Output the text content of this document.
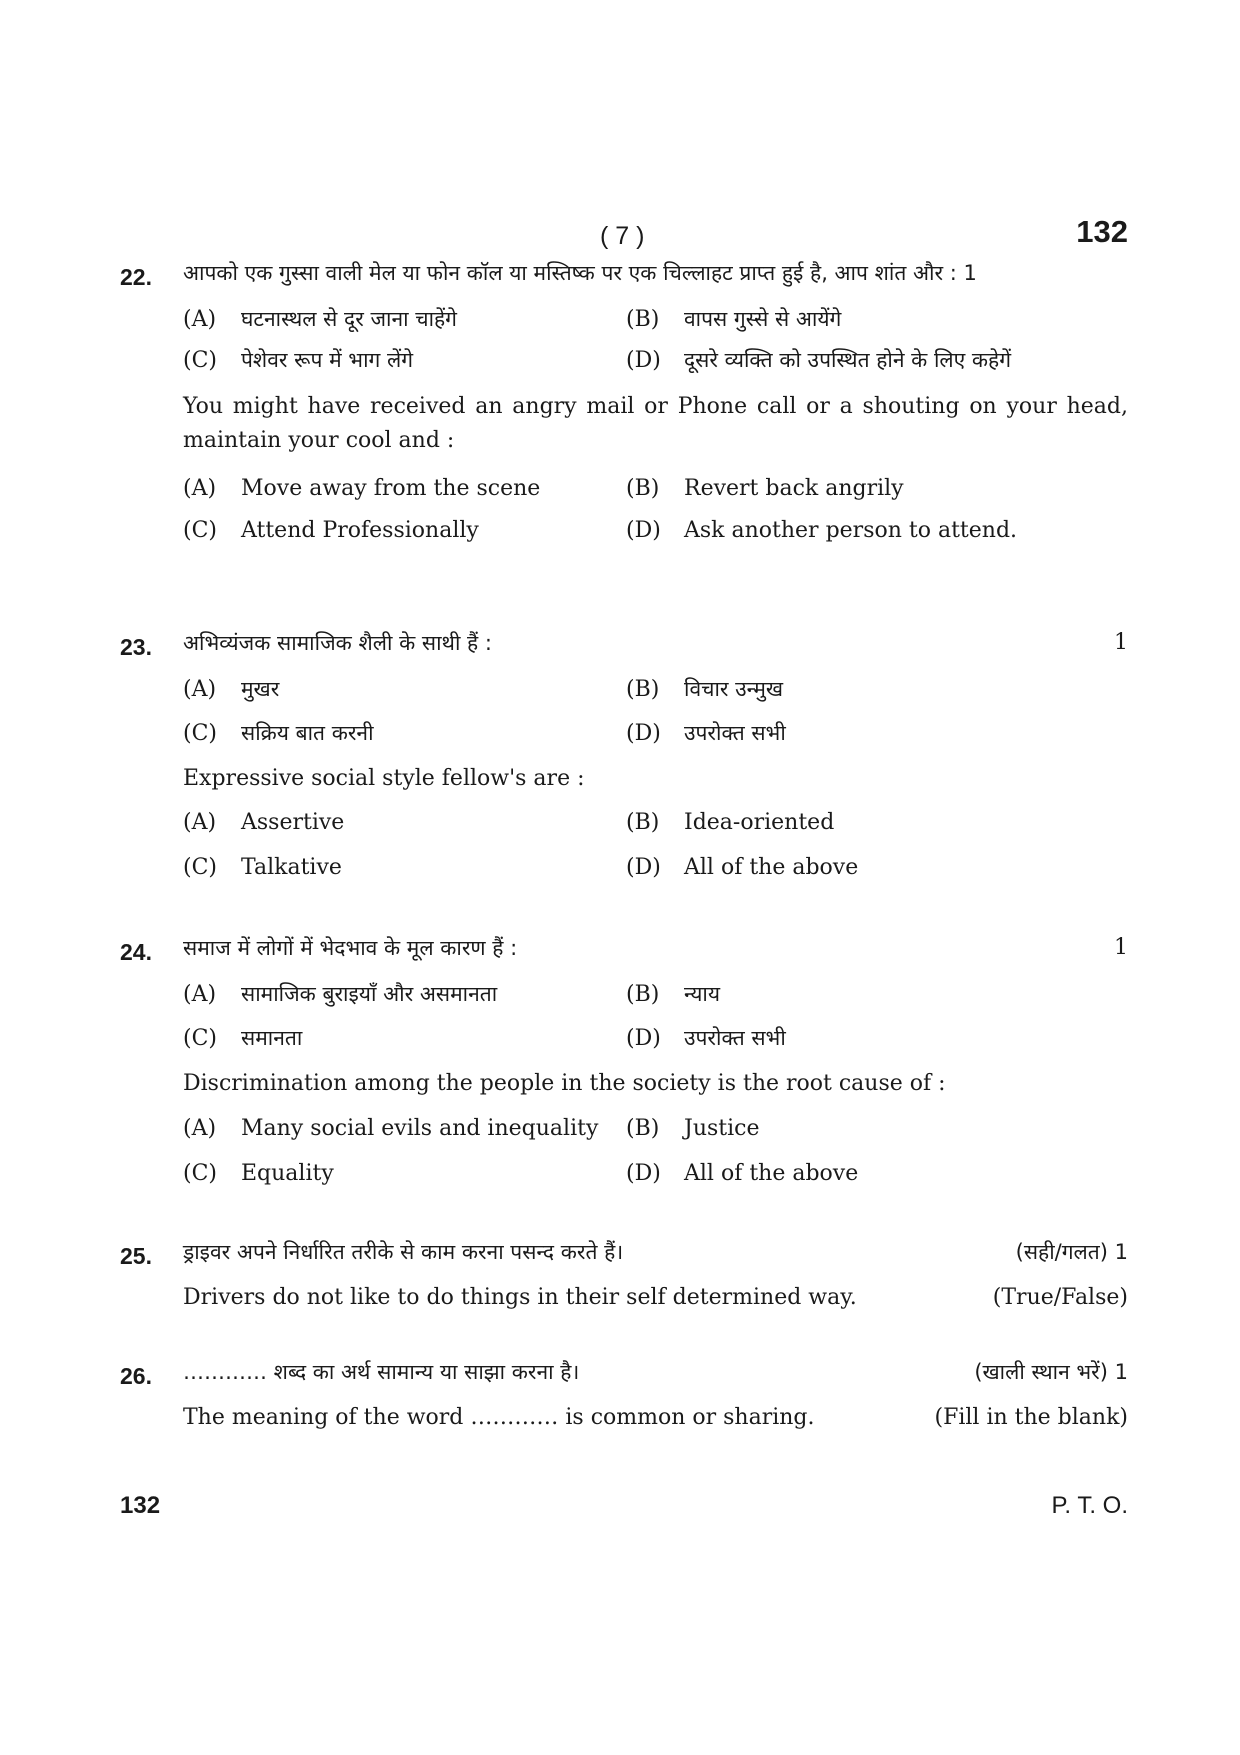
( 7 )	132
22. आपको एक गुस्सा वाली मेल या फोन कॉल या मस्तिष्क पर एक चिल्लाहट प्राप्त हुई है, आप शांत और : 1
(A) घटनास्थल से दूर जाना चाहेंगे	(B) वापस गुस्से से आयेंगे
(C) पेशेवर रूप में भाग लेंगे	(D) दूसरे व्यक्ति को उपस्थित होने के लिए कहेगें
You might have received an angry mail or Phone call or a shouting on your head, maintain your cool and :
(A) Move away from the scene	(B) Revert back angrily
(C) Attend Professionally	(D) Ask another person to attend.
23. अभिव्यंजक सामाजिक शैली के साथी हैं :	1
(A) मुखर	(B) विचार उन्मुख
(C) सक्रिय बात करनी	(D) उपरोक्त सभी
Expressive social style fellow's are :
(A) Assertive	(B) Idea-oriented
(C) Talkative	(D) All of the above
24. समाज में लोगों में भेदभाव के मूल कारण हैं :	1
(A) सामाजिक बुराइयाँ और असमानता	(B) न्याय
(C) समानता	(D) उपरोक्त सभी
Discrimination among the people in the society is the root cause of :
(A) Many social evils and inequality (B) Justice
(C) Equality	(D) All of the above
25. ड्राइवर अपने निर्धारित तरीके से काम करना पसन्द करते हैं।	(सही/गलत) 1
Drivers do not like to do things in their self determined way.	(True/False)
26. ………… शब्द का अर्थ सामान्य या साझा करना है।	(खाली स्थान भरें) 1
The meaning of the word ………… is common or sharing.	(Fill in the blank)
132	P. T. O.
